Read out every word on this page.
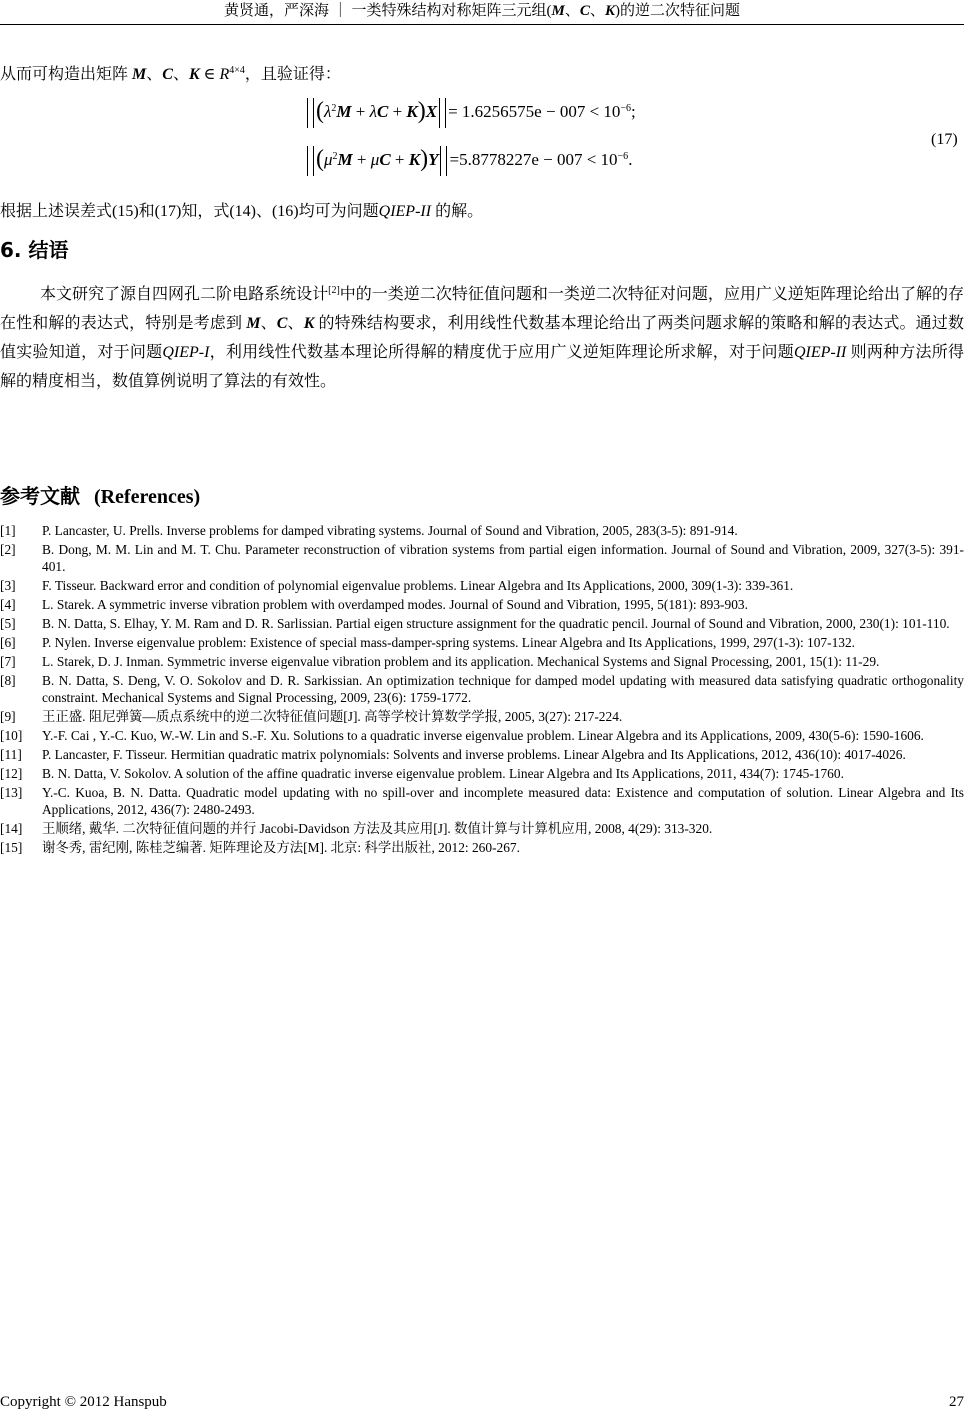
黄贤通，严深海 ｜ 一类特殊结构对称矩阵三元组(M、C、K)的逆二次特征问题
从而可构造出矩阵 M、C、K ∈ $R^{4\times 4}$，且验证得：
$(\lambda^2M + \lambda C + K)X = 1.6256575e - 007 < 10^{-6}$;
$(\mu^2M + \mu C + K)Y =5.8778227e - 007 < 10^{-6}$.
(17)
根据上述误差式(15)和(17)知，式(14)、(16)均可为问题QIEP-II 的解。
6. 结语
本文研究了源自四网孔二阶电路系统设计[2]中的一类逆二次特征值问题和一类逆二次特征对问题，应用广义逆矩阵理论给出了解的存在性和解的表达式，特别是考虑到 M、C、K 的特殊结构要求，利用线性代数基本理论给出了两类问题求解的策略和解的表达式。通过数值实验知道，对于问题QIEP-I，利用线性代数基本理论所得解的精度优于应用广义逆矩阵理论所求解，对于问题QIEP-II 则两种方法所得解的精度相当，数值算例说明了算法的有效性。
参考文献 (References)
[1] P. Lancaster, U. Prells. Inverse problems for damped vibrating systems. Journal of Sound and Vibration, 2005, 283(3-5): 891-914.
[2] B. Dong, M. M. Lin and M. T. Chu. Parameter reconstruction of vibration systems from partial eigen information. Journal of Sound and Vibration, 2009, 327(3-5): 391-401.
[3] F. Tisseur. Backward error and condition of polynomial eigenvalue problems. Linear Algebra and Its Applications, 2000, 309(1-3): 339-361.
[4] L. Starek. A symmetric inverse vibration problem with overdamped modes. Journal of Sound and Vibration, 1995, 5(181): 893-903.
[5] B. N. Datta, S. Elhay, Y. M. Ram and D. R. Sarlissian. Partial eigen structure assignment for the quadratic pencil. Journal of Sound and Vibration, 2000, 230(1): 101-110.
[6] P. Nylen. Inverse eigenvalue problem: Existence of special mass-damper-spring systems. Linear Algebra and Its Applications, 1999, 297(1-3): 107-132.
[7] L. Starek, D. J. Inman. Symmetric inverse eigenvalue vibration problem and its application. Mechanical Systems and Signal Processing, 2001, 15(1): 11-29.
[8] B. N. Datta, S. Deng, V. O. Sokolov and D. R. Sarkissian. An optimization technique for damped model updating with measured data satisfying quadratic orthogonality constraint. Mechanical Systems and Signal Processing, 2009, 23(6): 1759-1772.
[9] 王正盛. 阻尼弹簧—质点系统中的逆二次特征值问题[J]. 高等学校计算数学学报, 2005, 3(27): 217-224.
[10] Y.-F. Cai , Y.-C. Kuo, W.-W. Lin and S.-F. Xu. Solutions to a quadratic inverse eigenvalue problem. Linear Algebra and its Applications, 2009, 430(5-6): 1590-1606.
[11] P. Lancaster, F. Tisseur. Hermitian quadratic matrix polynomials: Solvents and inverse problems. Linear Algebra and Its Applications, 2012, 436(10): 4017-4026.
[12] B. N. Datta, V. Sokolov. A solution of the affine quadratic inverse eigenvalue problem. Linear Algebra and Its Applications, 2011, 434(7): 1745-1760.
[13] Y.-C. Kuoa, B. N. Datta. Quadratic model updating with no spill-over and incomplete measured data: Existence and computation of solution. Linear Algebra and Its Applications, 2012, 436(7): 2480-2493.
[14] 王顺绪, 戴华. 二次特征值问题的并行 Jacobi-Davidson 方法及其应用[J]. 数值计算与计算机应用, 2008, 4(29): 313-320.
[15] 谢冬秀, 雷纪刚, 陈桂芝编著. 矩阵理论及方法[M]. 北京: 科学出版社, 2012: 260-267.
Copyright © 2012 Hanspub	27
